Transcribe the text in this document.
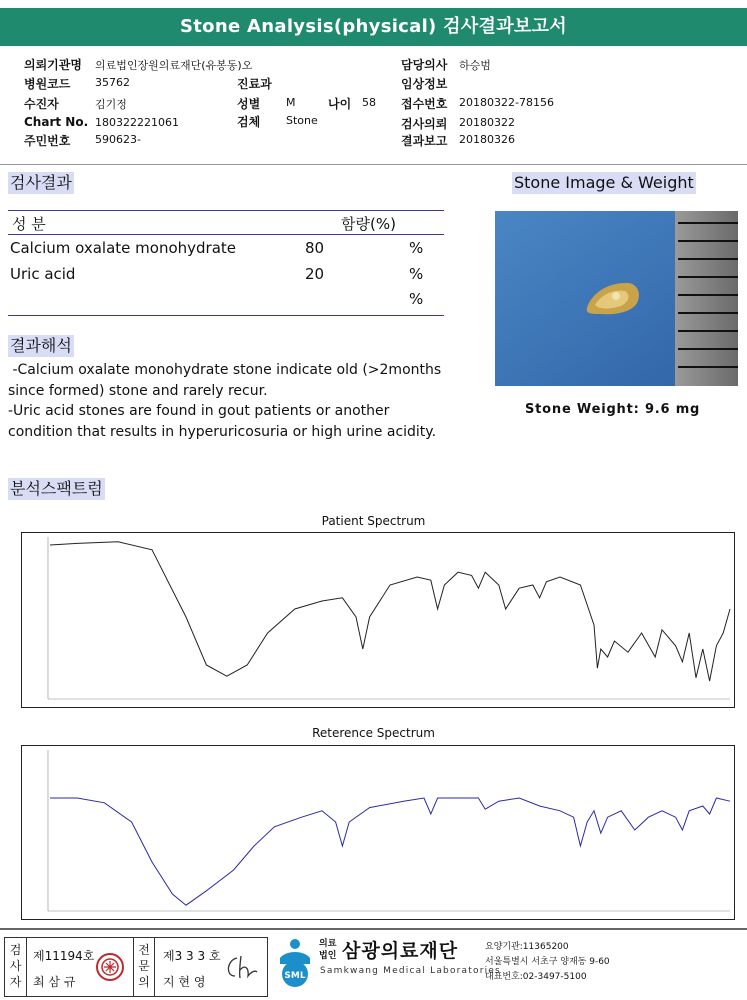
Stone Analysis(physical) 검사결과보고서
의뢰기관명 의료법인장원의료재단(유봉동)오
병원코드 35762
수진자	김기정
Chart No. 180322221061
주민번호 590623-
진료과
성별 M	나이 58
검체 Stone
담당의사 하승범
임상정보
접수번호 20180322-78156
검사의뢰 20180322
결과보고 20180326
검사결과	Stone Image & Weight
성 분	함량(%)
Calcium oxalate monohydrate	80	%
Uric acid	20	%
%
결과해석
-Calcium oxalate monohydrate stone indicate old (>2months
since formed) stone and rarely recur.
-Uric acid stones are found in gout patients or another
condition that results in hyperuricosuria or high urine acidity.
Stone Weight: 9.6 mg
분석스팩트럼
Patient Spectrum
Reterence Spectrum
검사자
제11194호
최 삼 규
전문의
제3 3 3 호
지 현 영	SML
의료
법인 삼광의료재단
Samkwang Medical Laboratories
요양기관:11365200
서울특별시 서초구 양재동 9-60
대표번호:02-3497-5100
